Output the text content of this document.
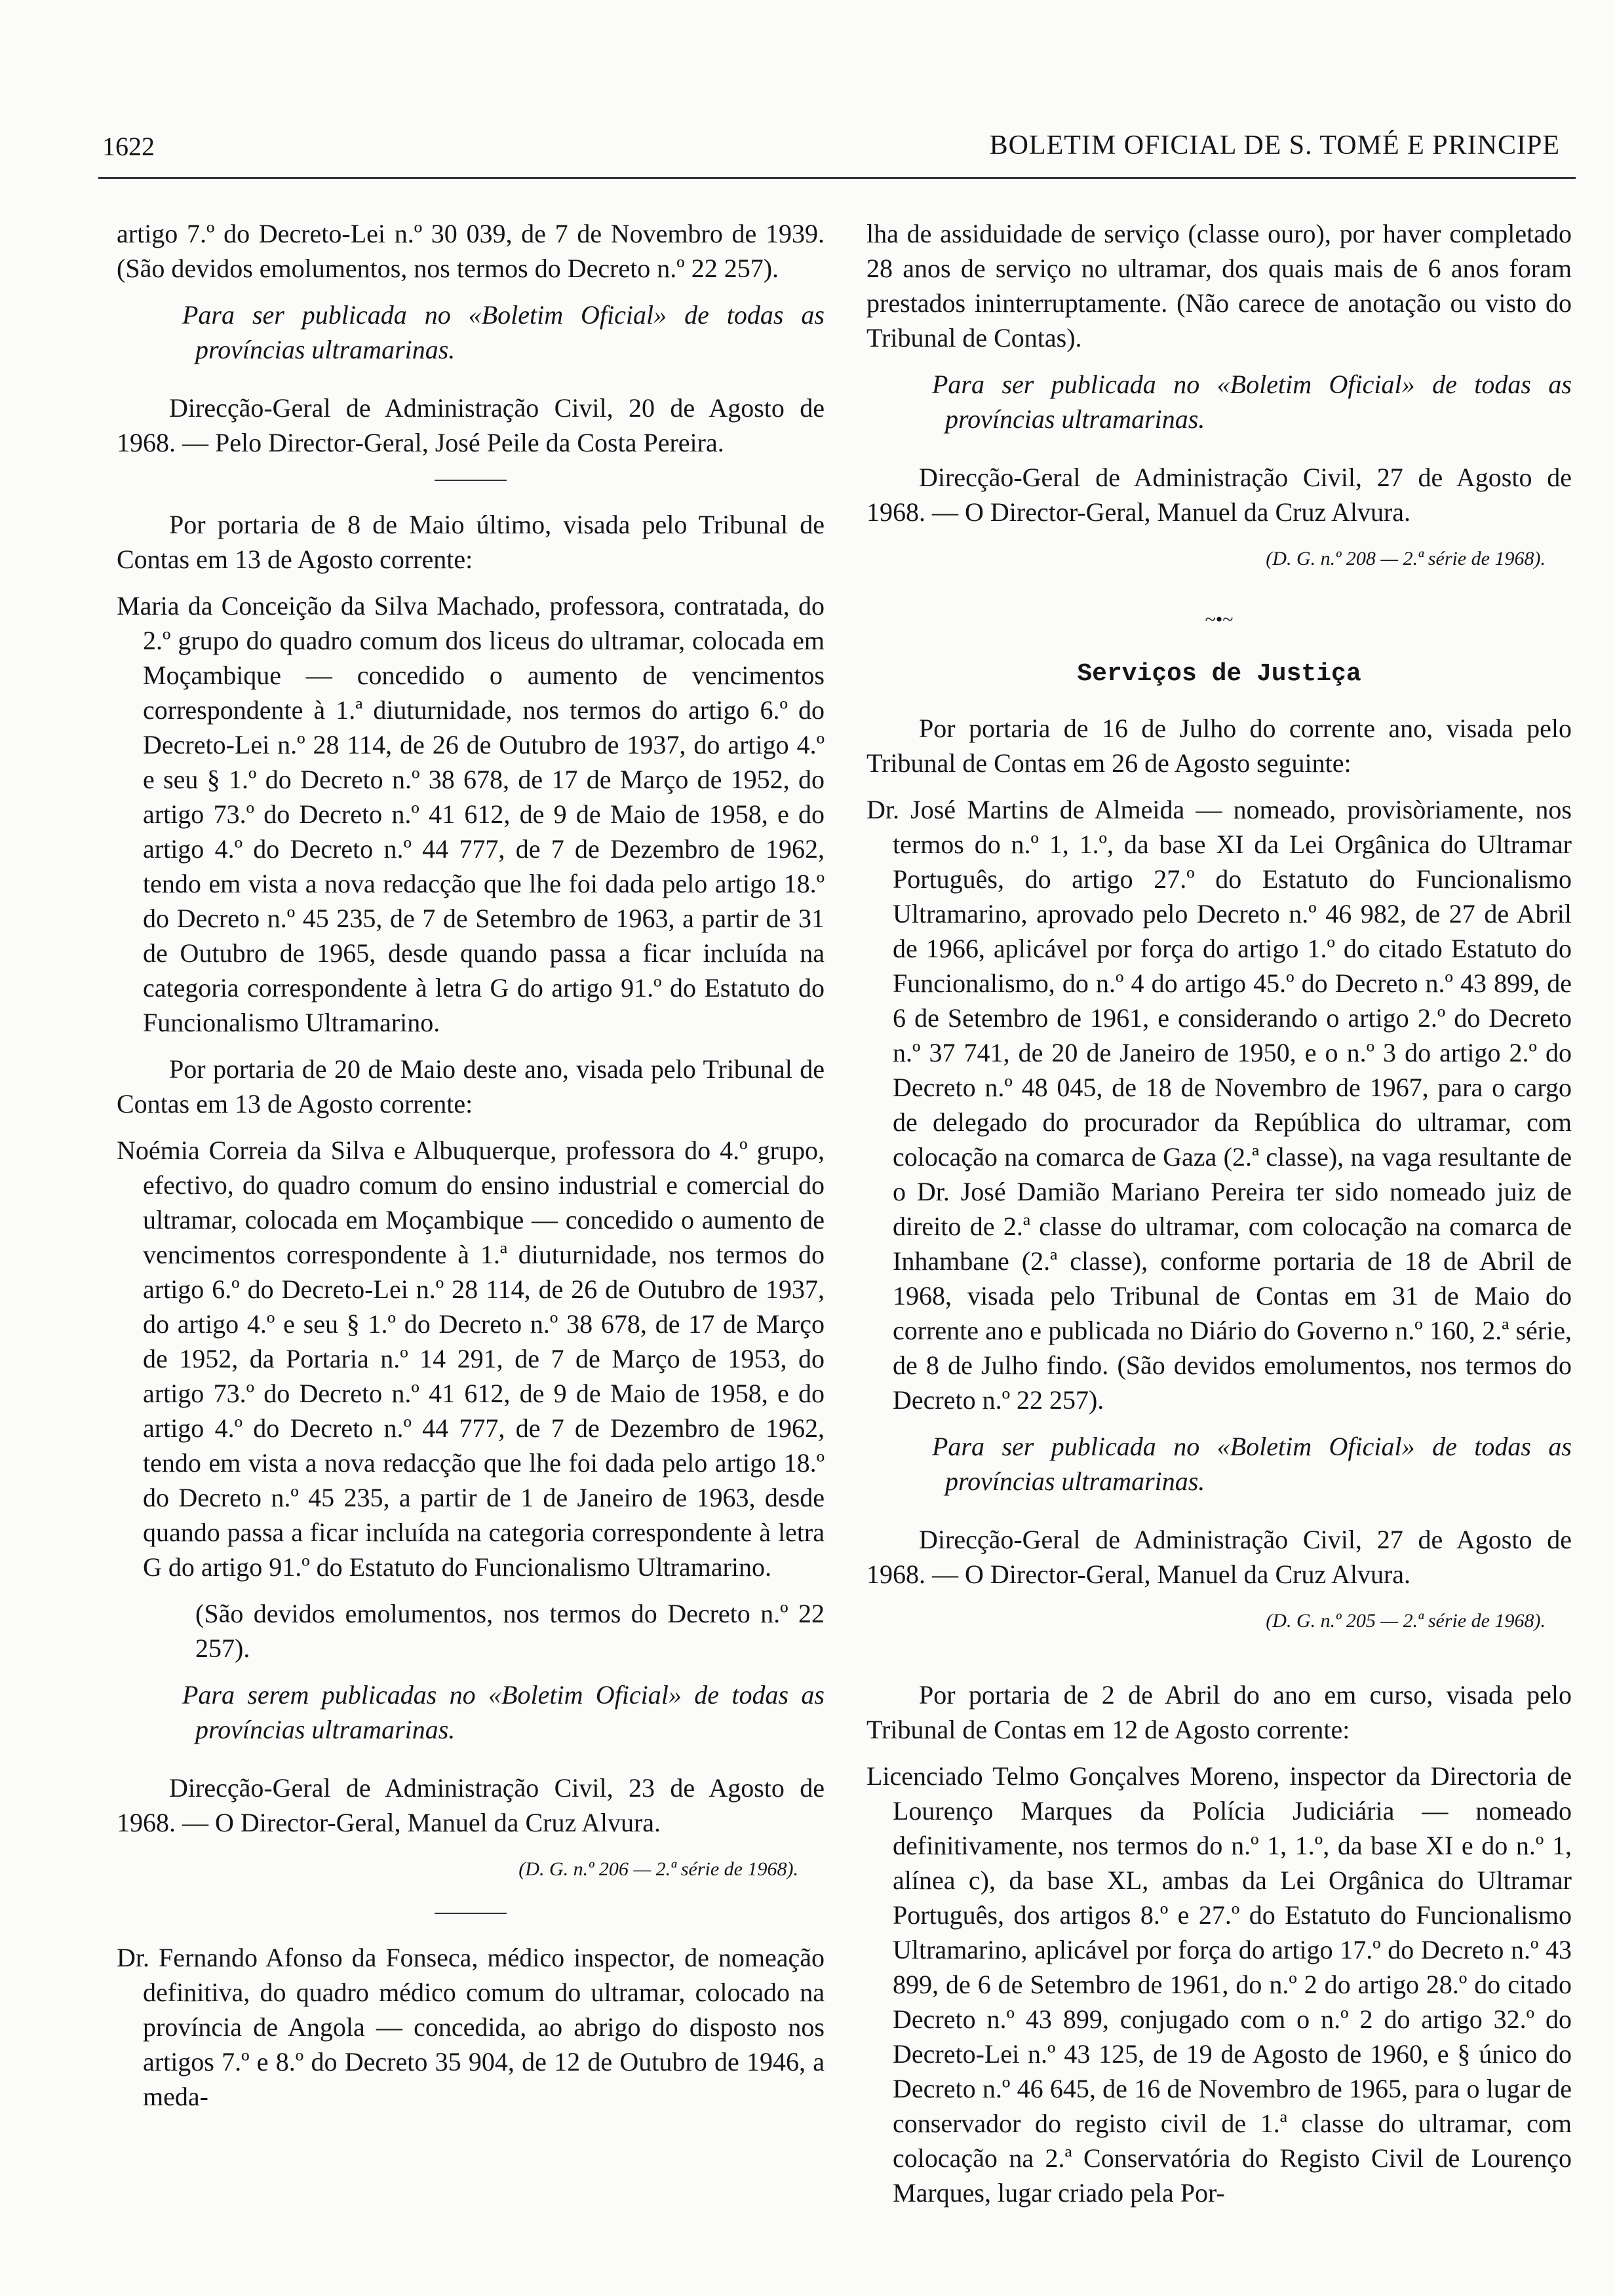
1622	BOLETIM OFICIAL DE S. TOMÉ E PRINCIPE

artigo 7.º do Decreto-Lei n.º 30 039, de 7 de Novembro de 1939. (São devidos emolumentos, nos termos do Decreto n.º 22 257).

Para ser publicada no «Boletim Oficial» de todas as províncias ultramarinas.

Direcção-Geral de Administração Civil, 20 de Agosto de 1968. — Pelo Director-Geral, José Peile da Costa Pereira.

Por portaria de 8 de Maio último, visada pelo Tribunal de Contas em 13 de Agosto corrente:

Maria da Conceição da Silva Machado, professora, contratada, do 2.º grupo do quadro comum dos liceus do ultramar, colocada em Moçambique — concedido o aumento de vencimentos correspondente à 1.ª diuturnidade, nos termos do artigo 6.º do Decreto-Lei n.º 28 114, de 26 de Outubro de 1937, do artigo 4.º e seu § 1.º do Decreto n.º 38 678, de 17 de Março de 1952, do artigo 73.º do Decreto n.º 41 612, de 9 de Maio de 1958, e do artigo 4.º do Decreto n.º 44 777, de 7 de Dezembro de 1962, tendo em vista a nova redacção que lhe foi dada pelo artigo 18.º do Decreto n.º 45 235, de 7 de Setembro de 1963, a partir de 31 de Outubro de 1965, desde quando passa a ficar incluída na categoria correspondente à letra G do artigo 91.º do Estatuto do Funcionalismo Ultramarino.

Por portaria de 20 de Maio deste ano, visada pelo Tribunal de Contas em 13 de Agosto corrente:

Noémia Correia da Silva e Albuquerque, professora do 4.º grupo, efectivo, do quadro comum do ensino industrial e comercial do ultramar, colocada em Moçambique — concedido o aumento de vencimentos correspondente à 1.ª diuturnidade, nos termos do artigo 6.º do Decreto-Lei n.º 28 114, de 26 de Outubro de 1937, do artigo 4.º e seu § 1.º do Decreto n.º 38 678, de 17 de Março de 1952, da Portaria n.º 14 291, de 7 de Março de 1953, do artigo 73.º do Decreto n.º 41 612, de 9 de Maio de 1958, e do artigo 4.º do Decreto n.º 44 777, de 7 de Dezembro de 1962, tendo em vista a nova redacção que lhe foi dada pelo artigo 18.º do Decreto n.º 45 235, a partir de 1 de Janeiro de 1963, desde quando passa a ficar incluída na categoria correspondente à letra G do artigo 91.º do Estatuto do Funcionalismo Ultramarino.

(São devidos emolumentos, nos termos do Decreto n.º 22 257).

Para serem publicadas no «Boletim Oficial» de todas as províncias ultramarinas.

Direcção-Geral de Administração Civil, 23 de Agosto de 1968. — O Director-Geral, Manuel da Cruz Alvura.

(D. G. n.º 206 — 2.ª série de 1968).

Dr. Fernando Afonso da Fonseca, médico inspector, de nomeação definitiva, do quadro médico comum do ultramar, colocado na província de Angola — concedida, ao abrigo do disposto nos artigos 7.º e 8.º do Decreto 35 904, de 12 de Outubro de 1946, a meda-

lha de assiduidade de serviço (classe ouro), por haver completado 28 anos de serviço no ultramar, dos quais mais de 6 anos foram prestados ininterruptamente. (Não carece de anotação ou visto do Tribunal de Contas).

Para ser publicada no «Boletim Oficial» de todas as províncias ultramarinas.

Direcção-Geral de Administração Civil, 27 de Agosto de 1968. — O Director-Geral, Manuel da Cruz Alvura.

(D. G. n.º 208 — 2.ª série de 1968).

~•~

Serviços de Justiça

Por portaria de 16 de Julho do corrente ano, visada pelo Tribunal de Contas em 26 de Agosto seguinte:

Dr. José Martins de Almeida — nomeado, provisòriamente, nos termos do n.º 1, 1.º, da base XI da Lei Orgânica do Ultramar Português, do artigo 27.º do Estatuto do Funcionalismo Ultramarino, aprovado pelo Decreto n.º 46 982, de 27 de Abril de 1966, aplicável por força do artigo 1.º do citado Estatuto do Funcionalismo, do n.º 4 do artigo 45.º do Decreto n.º 43 899, de 6 de Setembro de 1961, e considerando o artigo 2.º do Decreto n.º 37 741, de 20 de Janeiro de 1950, e o n.º 3 do artigo 2.º do Decreto n.º 48 045, de 18 de Novembro de 1967, para o cargo de delegado do procurador da República do ultramar, com colocação na comarca de Gaza (2.ª classe), na vaga resultante de o Dr. José Damião Mariano Pereira ter sido nomeado juiz de direito de 2.ª classe do ultramar, com colocação na comarca de Inhambane (2.ª classe), conforme portaria de 18 de Abril de 1968, visada pelo Tribunal de Contas em 31 de Maio do corrente ano e publicada no Diário do Governo n.º 160, 2.ª série, de 8 de Julho findo. (São devidos emolumentos, nos termos do Decreto n.º 22 257).

Para ser publicada no «Boletim Oficial» de todas as províncias ultramarinas.

Direcção-Geral de Administração Civil, 27 de Agosto de 1968. — O Director-Geral, Manuel da Cruz Alvura.

(D. G. n.º 205 — 2.ª série de 1968).

Por portaria de 2 de Abril do ano em curso, visada pelo Tribunal de Contas em 12 de Agosto corrente:

Licenciado Telmo Gonçalves Moreno, inspector da Directoria de Lourenço Marques da Polícia Judiciária — nomeado definitivamente, nos termos do n.º 1, 1.º, da base XI e do n.º 1, alínea c), da base XL, ambas da Lei Orgânica do Ultramar Português, dos artigos 8.º e 27.º do Estatuto do Funcionalismo Ultramarino, aplicável por força do artigo 17.º do Decreto n.º 43 899, de 6 de Setembro de 1961, do n.º 2 do artigo 28.º do citado Decreto n.º 43 899, conjugado com o n.º 2 do artigo 32.º do Decreto-Lei n.º 43 125, de 19 de Agosto de 1960, e § único do Decreto n.º 46 645, de 16 de Novembro de 1965, para o lugar de conservador do registo civil de 1.ª classe do ultramar, com colocação na 2.ª Conservatória do Registo Civil de Lourenço Marques, lugar criado pela Por-
